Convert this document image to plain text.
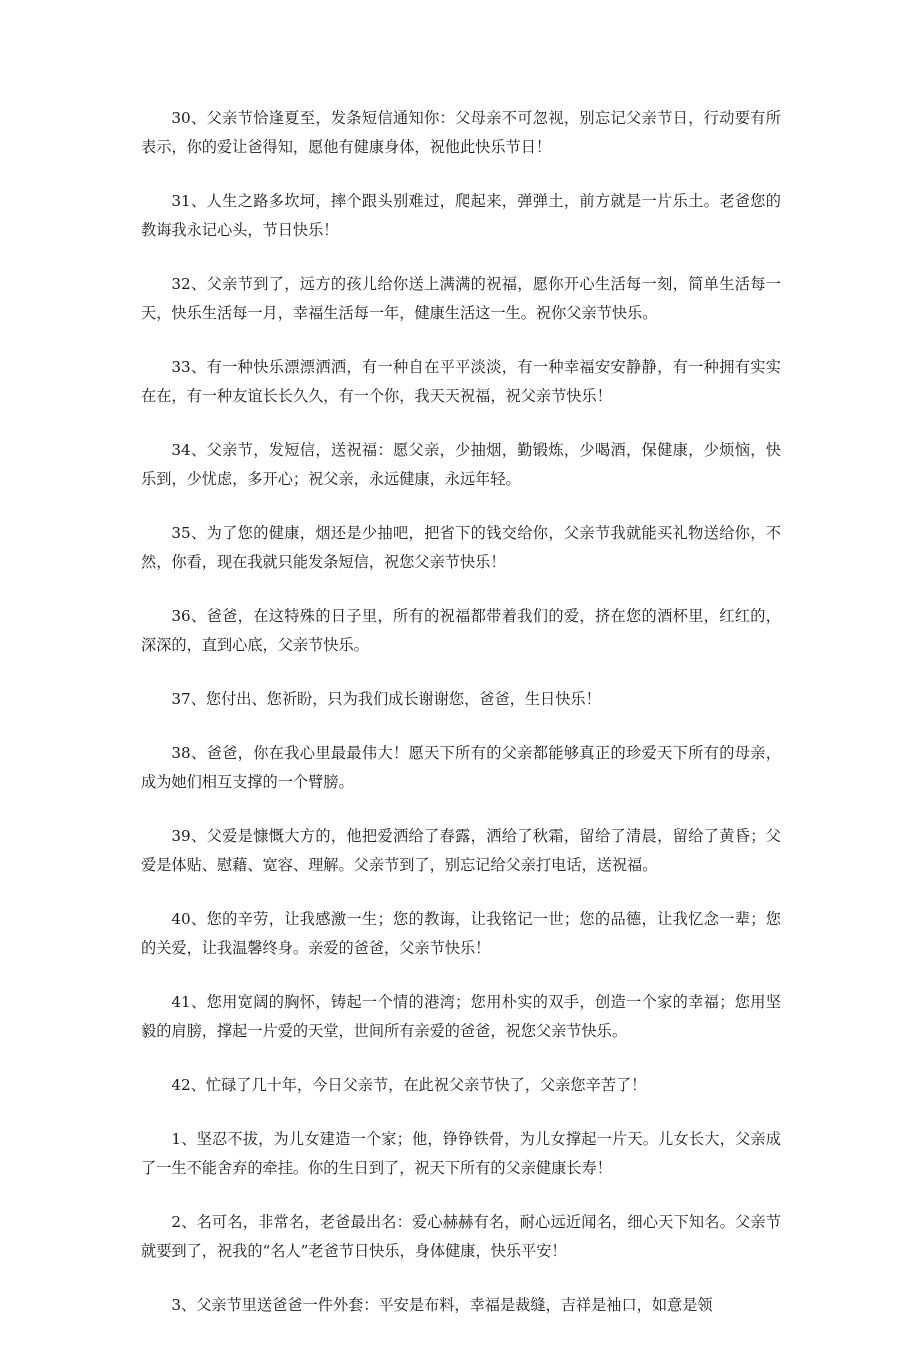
30、父亲节恰逢夏至，发条短信通知你：父母亲不可忽视，别忘记父亲节日，行动要有所表示，你的爱让爸得知，愿他有健康身体，祝他此快乐节日！

31、人生之路多坎坷，摔个跟头别难过，爬起来，弹弹土，前方就是一片乐土。老爸您的教诲我永记心头，节日快乐！

32、父亲节到了，远方的孩儿给你送上满满的祝福，愿你开心生活每一刻，简单生活每一天，快乐生活每一月，幸福生活每一年，健康生活这一生。祝你父亲节快乐。

33、有一种快乐漂漂洒洒，有一种自在平平淡淡，有一种幸福安安静静，有一种拥有实实在在，有一种友谊长长久久，有一个你，我天天祝福，祝父亲节快乐！

34、父亲节，发短信，送祝福：愿父亲，少抽烟，勤锻炼，少喝酒，保健康，少烦恼，快乐到，少忧虑，多开心；祝父亲，永远健康，永远年轻。

35、为了您的健康，烟还是少抽吧，把省下的钱交给你，父亲节我就能买礼物送给你，不然，你看，现在我就只能发条短信，祝您父亲节快乐！

36、爸爸，在这特殊的日子里，所有的祝福都带着我们的爱，挤在您的酒杯里，红红的，深深的，直到心底，父亲节快乐。

37、您付出、您祈盼，只为我们成长谢谢您，爸爸，生日快乐！

38、爸爸，你在我心里最最伟大！愿天下所有的父亲都能够真正的珍爱天下所有的母亲，成为她们相互支撑的一个臂膀。

39、父爱是慷慨大方的，他把爱洒给了春露，洒给了秋霜，留给了清晨，留给了黄昏；父爱是体贴、慰藉、宽容、理解。父亲节到了，别忘记给父亲打电话，送祝福。

40、您的辛劳，让我感激一生；您的教诲，让我铭记一世；您的品德，让我忆念一辈；您的关爱，让我温馨终身。亲爱的爸爸，父亲节快乐！

41、您用宽阔的胸怀，铸起一个情的港湾；您用朴实的双手，创造一个家的幸福；您用坚毅的肩膀，撑起一片爱的天堂，世间所有亲爱的爸爸，祝您父亲节快乐。

42、忙碌了几十年，今日父亲节，在此祝父亲节快了，父亲您辛苦了！

1、坚忍不拔，为儿女建造一个家；他，铮铮铁骨，为儿女撑起一片天。儿女长大，父亲成了一生不能舍弃的牵挂。你的生日到了，祝天下所有的父亲健康长寿！

2、名可名，非常名，老爸最出名：爱心赫赫有名，耐心远近闻名，细心天下知名。父亲节就要到了，祝我的“名人”老爸节日快乐，身体健康，快乐平安！

3、父亲节里送爸爸一件外套：平安是布料，幸福是裁缝，吉祥是袖口，如意是领
